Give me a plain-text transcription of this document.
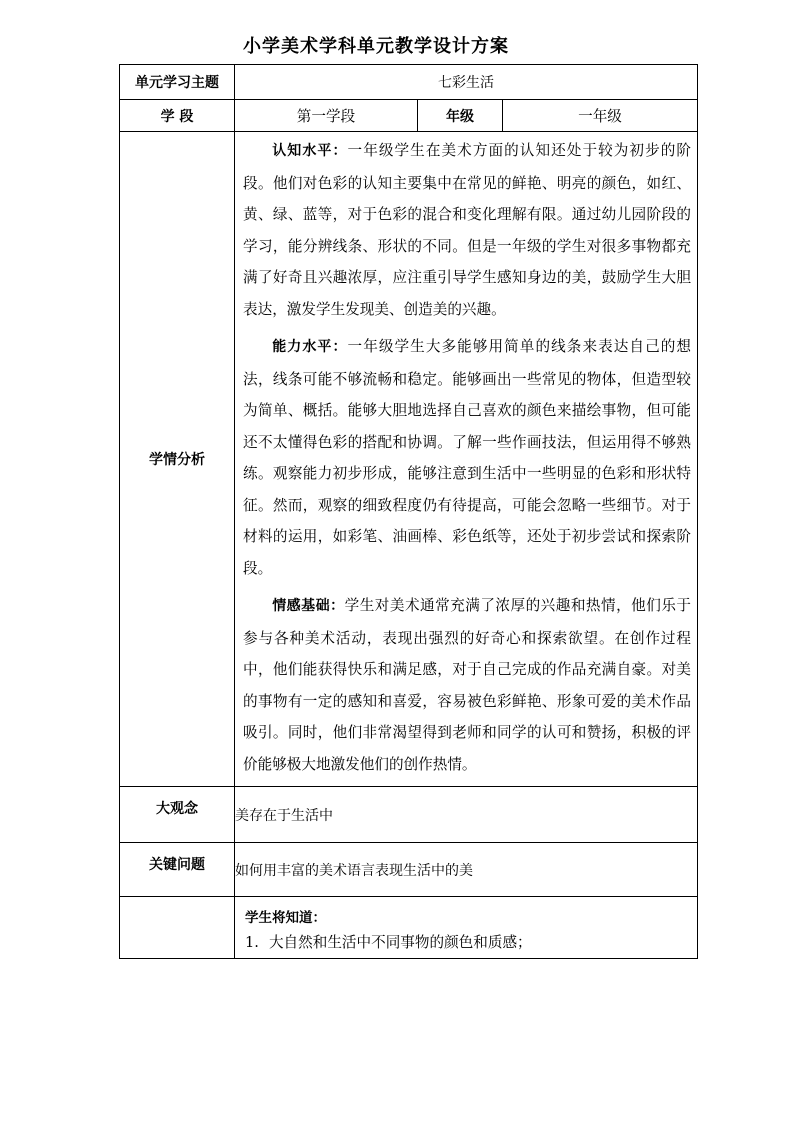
小学美术学科单元教学设计方案
单元学习主题	七彩生活		
学 段	第一学段	年级	一年级
学情分析	认知水平：一年级学生在美术方面的认知还处于较为初步的阶段。他们对色彩的认知主要集中在常见的鲜艳、明亮的颜色，如红、黄、绿、蓝等，对于色彩的混合和变化理解有限。通过幼儿园阶段的学习，能分辨线条、形状的不同。但是一年级的学生对很多事物都充满了好奇且兴趣浓厚，应注重引导学生感知身边的美，鼓励学生大胆表达，激发学生发现美、创造美的兴趣。

能力水平：一年级学生大多能够用简单的线条来表达自己的想法，线条可能不够流畅和稳定。能够画出一些常见的物体，但造型较为简单、概括。能够大胆地选择自己喜欢的颜色来描绘事物，但可能还不太懂得色彩的搭配和协调。了解一些作画技法，但运用得不够熟练。观察能力初步形成，能够注意到生活中一些明显的色彩和形状特征。然而，观察的细致程度仍有待提高，可能会忽略一些细节。对于材料的运用，如彩笔、油画棒、彩色纸等，还处于初步尝试和探索阶段。

情感基础：学生对美术通常充满了浓厚的兴趣和热情，他们乐于参与各种美术活动，表现出强烈的好奇心和探索欲望。在创作过程中，他们能获得快乐和满足感，对于自己完成的作品充满自豪。对美的事物有一定的感知和喜爱，容易被色彩鲜艳、形象可爱的美术作品吸引。同时，他们非常渴望得到老师和同学的认可和赞扬，积极的评价能够极大地激发他们的创作热情。		

大观念	美存在于生活中		
关键问题	如何用丰富的美术语言表现生活中的美		

	学生将知道：
1. 大自然和生活中不同事物的颜色和质感；		
